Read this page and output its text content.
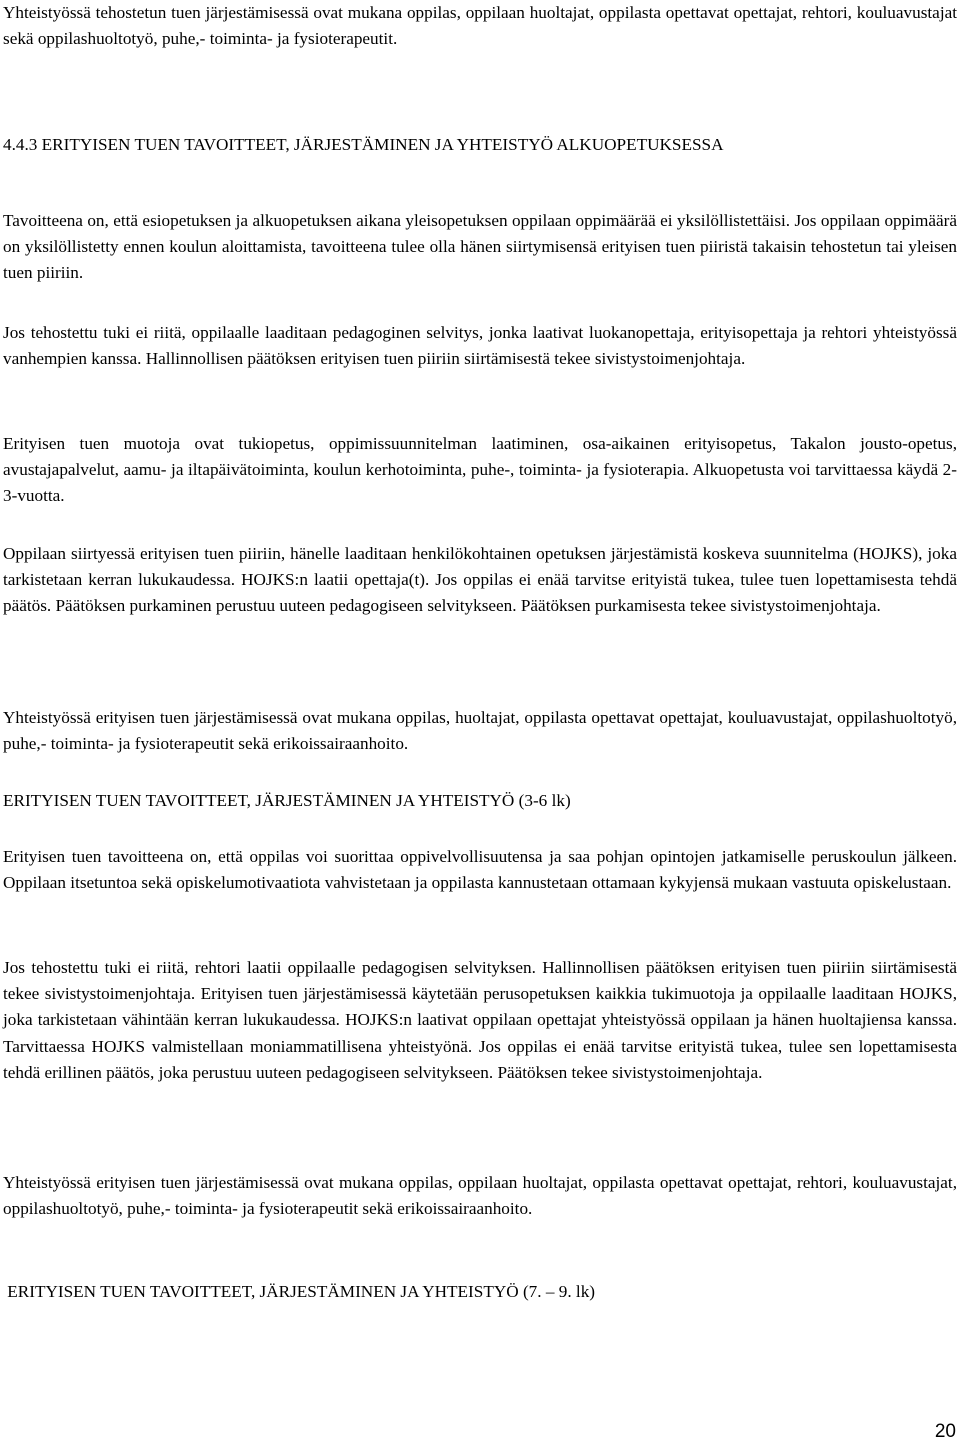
Yhteistyössä tehostetun tuen järjestämisessä ovat mukana oppilas, oppilaan huoltajat, oppilasta opettavat opettajat, rehtori, kouluavustajat sekä oppilashuoltotyö, puhe,- toiminta- ja fysioterapeutit.

4.4.3 ERITYISEN TUEN TAVOITTEET, JÄRJESTÄMINEN JA YHTEISTYÖ ALKUOPETUKSESSA

Tavoitteena on, että esiopetuksen ja alkuopetuksen aikana yleisopetuksen oppilaan oppimäärää ei yksilöllistettäisi. Jos oppilaan oppimäärä on yksilöllistetty ennen koulun aloittamista, tavoitteena tulee olla hänen siirtymisensä erityisen tuen piiristä takaisin tehostetun tai yleisen tuen piiriin.

Jos tehostettu tuki ei riitä, oppilaalle laaditaan pedagoginen selvitys, jonka laativat luokanopettaja, erityisopettaja ja rehtori yhteistyössä vanhempien kanssa. Hallinnollisen päätöksen erityisen tuen piiriin siirtämisestä tekee sivistystoimenjohtaja.

Erityisen tuen muotoja ovat tukiopetus, oppimissuunnitelman laatiminen, osa-aikainen erityisopetus, Takalon jousto-opetus, avustajapalvelut, aamu- ja iltapäivätoiminta, koulun kerhotoiminta, puhe-, toiminta- ja fysioterapia. Alkuopetusta voi tarvittaessa käydä 2-3-vuotta.

Oppilaan siirtyessä erityisen tuen piiriin, hänelle laaditaan henkilökohtainen opetuksen järjestämistä koskeva suunnitelma (HOJKS), joka tarkistetaan kerran lukukaudessa. HOJKS:n laatii opettaja(t). Jos oppilas ei enää tarvitse erityistä tukea, tulee tuen lopettamisesta tehdä päätös. Päätöksen purkaminen perustuu uuteen pedagogiseen selvitykseen. Päätöksen purkamisesta tekee sivistystoimenjohtaja.

Yhteistyössä erityisen tuen järjestämisessä ovat mukana oppilas, huoltajat, oppilasta opettavat opettajat, kouluavustajat, oppilashuoltotyö, puhe,- toiminta- ja fysioterapeutit sekä erikoissairaanhoito.

ERITYISEN TUEN TAVOITTEET, JÄRJESTÄMINEN JA YHTEISTYÖ (3-6 lk)

Erityisen tuen tavoitteena on, että oppilas voi suorittaa oppivelvollisuutensa ja saa pohjan opintojen jatkamiselle peruskoulun jälkeen. Oppilaan itsetuntoa sekä opiskelumotivaatiota vahvistetaan ja oppilasta kannustetaan ottamaan kykyjensä mukaan vastuuta opiskelustaan.

Jos tehostettu tuki ei riitä, rehtori laatii oppilaalle pedagogisen selvityksen. Hallinnollisen päätöksen erityisen tuen piiriin siirtämisestä tekee sivistystoimenjohtaja. Erityisen tuen järjestämisessä käytetään perusopetuksen kaikkia tukimuotoja ja oppilaalle laaditaan HOJKS, joka tarkistetaan vähintään kerran lukukaudessa. HOJKS:n laativat oppilaan opettajat yhteistyössä oppilaan ja hänen huoltajiensa kanssa. Tarvittaessa HOJKS valmistellaan moniammatillisena yhteistyönä. Jos oppilas ei enää tarvitse erityistä tukea, tulee sen lopettamisesta tehdä erillinen päätös, joka perustuu uuteen pedagogiseen selvitykseen. Päätöksen tekee sivistystoimenjohtaja.

Yhteistyössä erityisen tuen järjestämisessä ovat mukana oppilas, oppilaan huoltajat, oppilasta opettavat opettajat, rehtori, kouluavustajat, oppilashuoltotyö, puhe,- toiminta- ja fysioterapeutit sekä erikoissairaanhoito.

ERITYISEN TUEN TAVOITTEET, JÄRJESTÄMINEN JA YHTEISTYÖ (7. – 9. lk)

20
